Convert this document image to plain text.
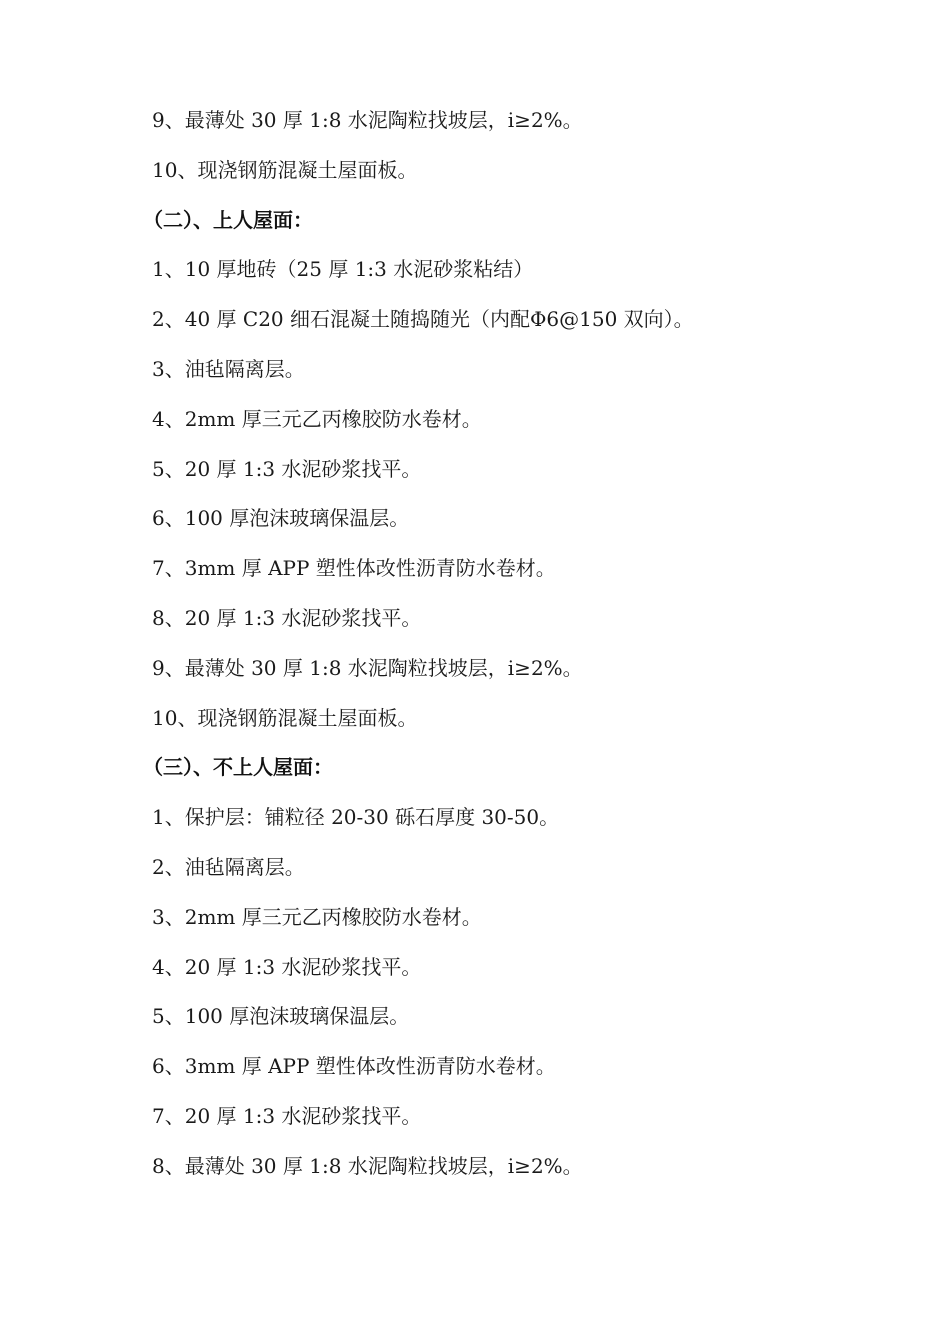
9、最薄处 30 厚 1:8 水泥陶粒找坡层，i≥2%。
10、现浇钢筋混凝土屋面板。
（二）、上人屋面：
1、10 厚地砖（25 厚 1:3 水泥砂浆粘结）
2、40 厚 C20 细石混凝土随捣随光（内配Φ6@150 双向）。
3、油毡隔离层。
4、2mm 厚三元乙丙橡胶防水卷材。
5、20 厚 1:3 水泥砂浆找平。
6、100 厚泡沫玻璃保温层。
7、3mm 厚 APP 塑性体改性沥青防水卷材。
8、20 厚 1:3 水泥砂浆找平。
9、最薄处 30 厚 1:8 水泥陶粒找坡层，i≥2%。
10、现浇钢筋混凝土屋面板。
（三）、不上人屋面：
1、保护层：铺粒径 20-30 砾石厚度 30-50。
2、油毡隔离层。
3、2mm 厚三元乙丙橡胶防水卷材。
4、20 厚 1:3 水泥砂浆找平。
5、100 厚泡沫玻璃保温层。
6、3mm 厚 APP 塑性体改性沥青防水卷材。
7、20 厚 1:3 水泥砂浆找平。
8、最薄处 30 厚 1:8 水泥陶粒找坡层，i≥2%。
